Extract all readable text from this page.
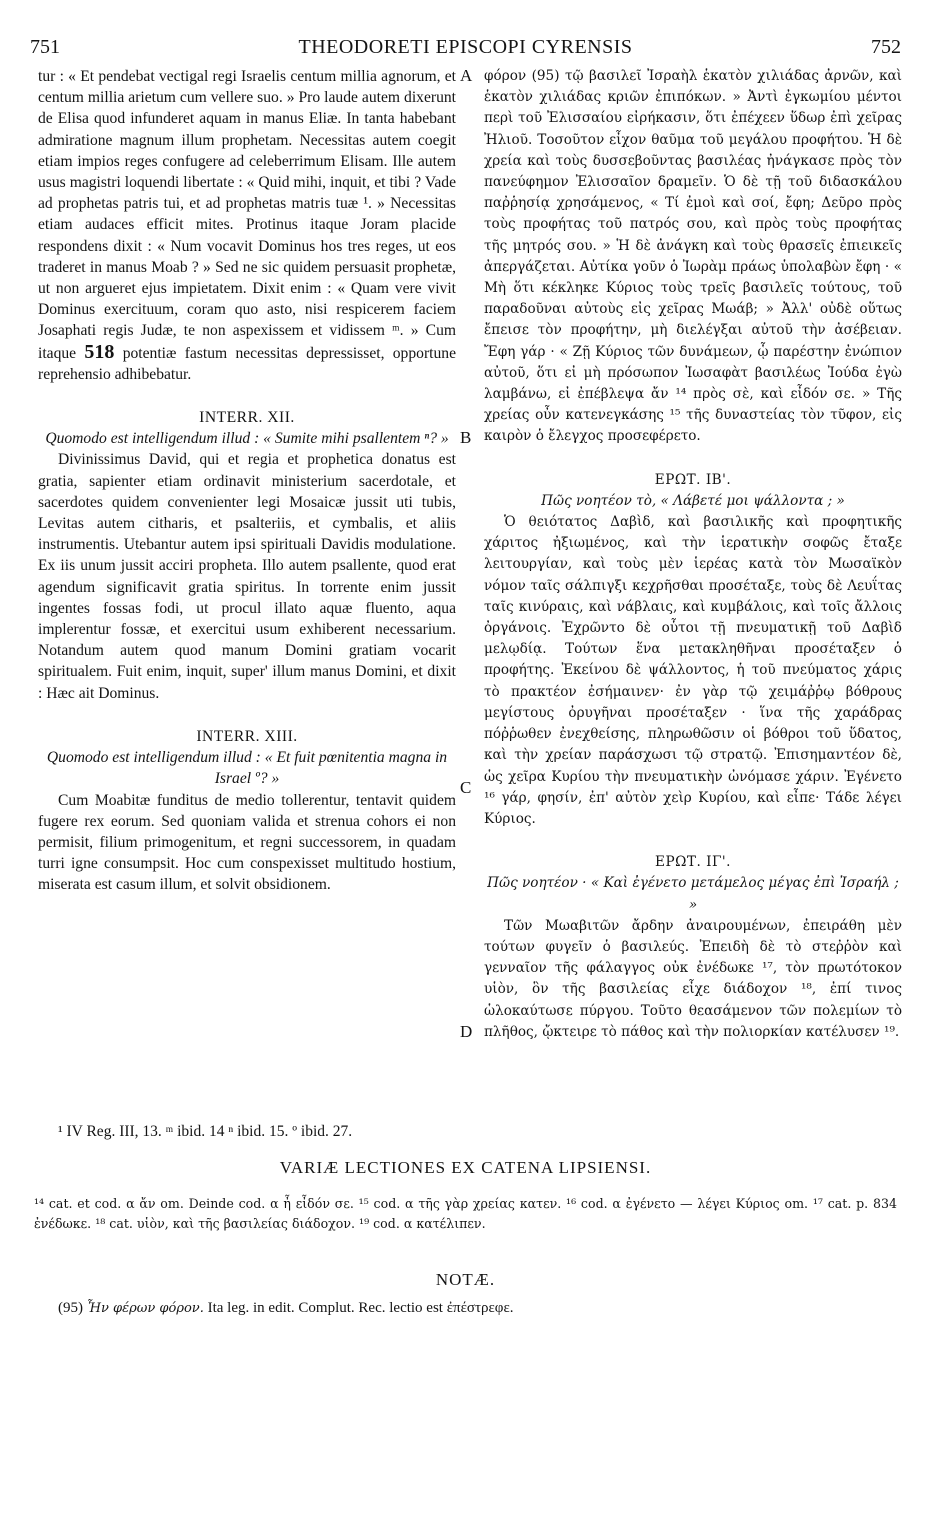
751	THEODORETI EPISCOPI CYRENSIS	752
A
B
C
D

tur : « Et pendebat vectigal regi Israelis centum millia agnorum, et centum millia arietum cum vellere suo. » Pro laude autem dixerunt de Elisa quod infunderet aquam in manus Eliæ. In tanta habebant admiratione magnum illum prophetam. Necessitas autem coegit etiam impios reges confugere ad celeberrimum Elisam. Ille autem usus magistri loquendi libertate : « Quid mihi, inquit, et tibi ? Vade ad prophetas patris tui, et ad prophetas matris tuæ ¹. » Necessitas etiam audaces efficit mites. Protinus itaque Joram placide respondens dixit : « Num vocavit Dominus hos tres reges, ut eos traderet in manus Moab ? » Sed ne sic quidem persuasit prophetæ, ut non argueret ejus impietatem. Dixit enim : « Quam vere vivit Dominus exercituum, coram quo asto, nisi respicerem faciem Josaphati regis Judæ, te non aspexissem et vidissem ᵐ. » Cum itaque 518 potentiæ fastum necessitas depressisset, opportune reprehensio adhibebatur.

INTERR. XII.
Quomodo est intelligendum illud : « Sumite mihi psallentem ⁿ? »

Divinissimus David, qui et regia et prophetica donatus est gratia, sapienter etiam ordinavit ministerium sacerdotale, et sacerdotes quidem convenienter legi Mosaicæ jussit uti tubis, Levitas autem citharis, et psalteriis, et cymbalis, et aliis instrumentis. Utebantur autem ipsi spirituali Davidis modulatione. Ex iis unum jussit acciri prophetа. Illo autem psallente, quod erat agendum significavit gratia spiritus. In torrente enim jussit ingentes fossas fodi, ut procul illato aquæ fluento, aqua implerentur fossæ, et exercitui usum exhiberent necessarium. Notandum autem quod manum Domini gratiam vocarit spiritualem. Fuit enim, inquit, super' illum manus Domini, et dixit : Hæc ait Dominus.

INTERR. XIII.
Quomodo est intelligendum illud : « Et fuit pœnitentia magna in Israel º? »

Cum Moabitæ funditus de medio tollerentur, tentavit quidem fugere rex eorum. Sed quoniam valida et strenua cohors ei non permisit, filium primogenitum, et regni successorem, in quadam turri igne consumpsit. Hoc cum conspexisset multitudo hostium, miserata est casum illum, et solvit obsidionem.

φόρον (95) τῷ βασιλεῖ Ἰσραὴλ ἑκατὸν χιλιάδας ἀρνῶν, καὶ ἑκατὸν χιλιάδας κριῶν ἐπιπόκων. » Ἀντὶ ἐγκωμίου μέντοι περὶ τοῦ Ἐλισσαίου εἰρήκασιν, ὅτι ἐπέχεεν ὕδωρ ἐπὶ χεῖρας Ἠλιοῦ. Τοσοῦτον εἶχον θαῦμα τοῦ μεγάλου προφήτου. Ἡ δὲ χρεία καὶ τοὺς δυσσεβοῦντας βασιλέας ἠνάγκασε πρὸς τὸν πανεύφημον Ἐλισσαῖον δραμεῖν. Ὁ δὲ τῇ τοῦ διδασκάλου παῤῥησίᾳ χρησάμενος, « Τί ἐμοὶ καὶ σοί, ἔφη; Δεῦρο πρὸς τοὺς προφήτας τοῦ πατρός σου, καὶ πρὸς τοὺς προφήτας τῆς μητρός σου. » Ἡ δὲ ἀνάγκη καὶ τοὺς θρασεῖς ἐπιεικεῖς ἀπεργάζεται. Αὐτίκα γοῦν ὁ Ἰωρὰμ πράως ὑπολαβὼν ἔφη · « Μὴ ὅτι κέκληκε Κύριος τοὺς τρεῖς βασιλεῖς τούτους, τοῦ παραδοῦναι αὐτοὺς εἰς χεῖρας Μωάβ; » Ἀλλ' οὐδὲ οὕτως ἔπεισε τὸν προφήτην, μὴ διελέγξαι αὐτοῦ τὴν ἀσέβειαν. Ἔφη γάρ · « Ζῇ Κύριος τῶν δυνάμεων, ᾧ παρέστην ἐνώπιον αὐτοῦ, ὅτι εἰ μὴ πρόσωπον Ἰωσαφὰτ βασιλέως Ἰούδα ἐγὼ λαμβάνω, εἰ ἐπέβλεψα ἄν ¹⁴ πρὸς σὲ, καὶ εἶδόν σε. » Τῆς χρείας οὖν κατενεγκάσης ¹⁵ τῆς δυναστείας τὸν τῦφον, εἰς καιρὸν ὁ ἔλεγχος προσεφέρετο.

ΕΡΩΤ. ΙΒ'.
Πῶς νοητέον τὸ, « Λάβετέ μοι ψάλλοντα ; »

Ὁ θειότατος Δαβὶδ, καὶ βασιλικῆς καὶ προφητικῆς χάριτος ἠξιωμένος, καὶ τὴν ἱερατικὴν σοφῶς ἔταξε λειτουργίαν, καὶ τοὺς μὲν ἱερέας κατὰ τὸν Μωσαϊκὸν νόμον ταῖς σάλπιγξι κεχρῆσθαι προσέταξε, τοὺς δὲ Λευΐτας ταῖς κινύραις, καὶ νάβλαις, καὶ κυμβάλοις, καὶ τοῖς ἄλλοις ὀργάνοις. Ἐχρῶντο δὲ οὗτοι τῇ πνευματικῇ τοῦ Δαβὶδ μελῳδίᾳ. Τούτων ἕνα μετακληθῆναι προσέταξεν ὁ προφήτης. Ἐκείνου δὲ ψάλλοντος, ἡ τοῦ πνεύματος χάρις τὸ πρακτέον ἐσήμαινεν· ἐν γὰρ τῷ χειμάῤῥῳ βόθρους μεγίστους ὀρυγῆναι προσέταξεν · ἵνα τῆς χαράδρας πόῤῥωθεν ἐνεχθείσης, πληρωθῶσιν οἱ βόθροι τοῦ ὕδατος, καὶ τὴν χρείαν παράσχωσι τῷ στρατῷ. Ἐπισημαντέον δὲ, ὡς χεῖρα Κυρίου τὴν πνευματικὴν ὠνόμασε χάριν. Ἐγένετο ¹⁶ γάρ, φησίν, ἐπ' αὐτὸν χεὶρ Κυρίου, καὶ εἶπε· Τάδε λέγει Κύριος.

ΕΡΩΤ. ΙΓ'.
Πῶς νοητέον · « Καὶ ἐγένετο μετάμελος μέγας ἐπὶ Ἰσραήλ ; »

Τῶν Μωαβιτῶν ἄρδην ἀναιρουμένων, ἐπειράθη μὲν τούτων φυγεῖν ὁ βασιλεύς. Ἐπειδὴ δὲ τὸ στεῤῥὸν καὶ γενναῖον τῆς φάλαγγος οὐκ ἐνέδωκε ¹⁷, τὸν πρωτότοκον υἱὸν, ὃν τῆς βασιλείας εἶχε διάδοχον ¹⁸, ἐπί τινος ὡλοκαύτωσε πύργου. Τοῦτο θεασάμενον τῶν πολεμίων τὸ πλῆθος, ᾤκτειρε τὸ πάθος καὶ τὴν πολιορκίαν κατέλυσεν ¹⁹.

¹ IV Reg. III, 13. ᵐ ibid. 14 ⁿ ibid. 15. º ibid. 27.
VARIÆ LECTIONES EX CATENA LIPSIENSI.
¹⁴ cat. et cod. α ἄν om. Deinde cod. α ἦ εἶδόν σε. ¹⁵ cod. α τῆς γὰρ χρείας κατεν. ¹⁶ cod. α ἐγένετο — λέγει Κύριος om. ¹⁷ cat. p. 834 ἐνέδωκε. ¹⁸ cat. υἱὸν, καὶ τῆς βασιλείας διάδοχον. ¹⁹ cod. α κατέλιπεν.
NOTÆ.
(95) Ἦν φέρων φόρον. Ita leg. in edit. Complut. Rec. lectio est ἐπέστρεφε.
